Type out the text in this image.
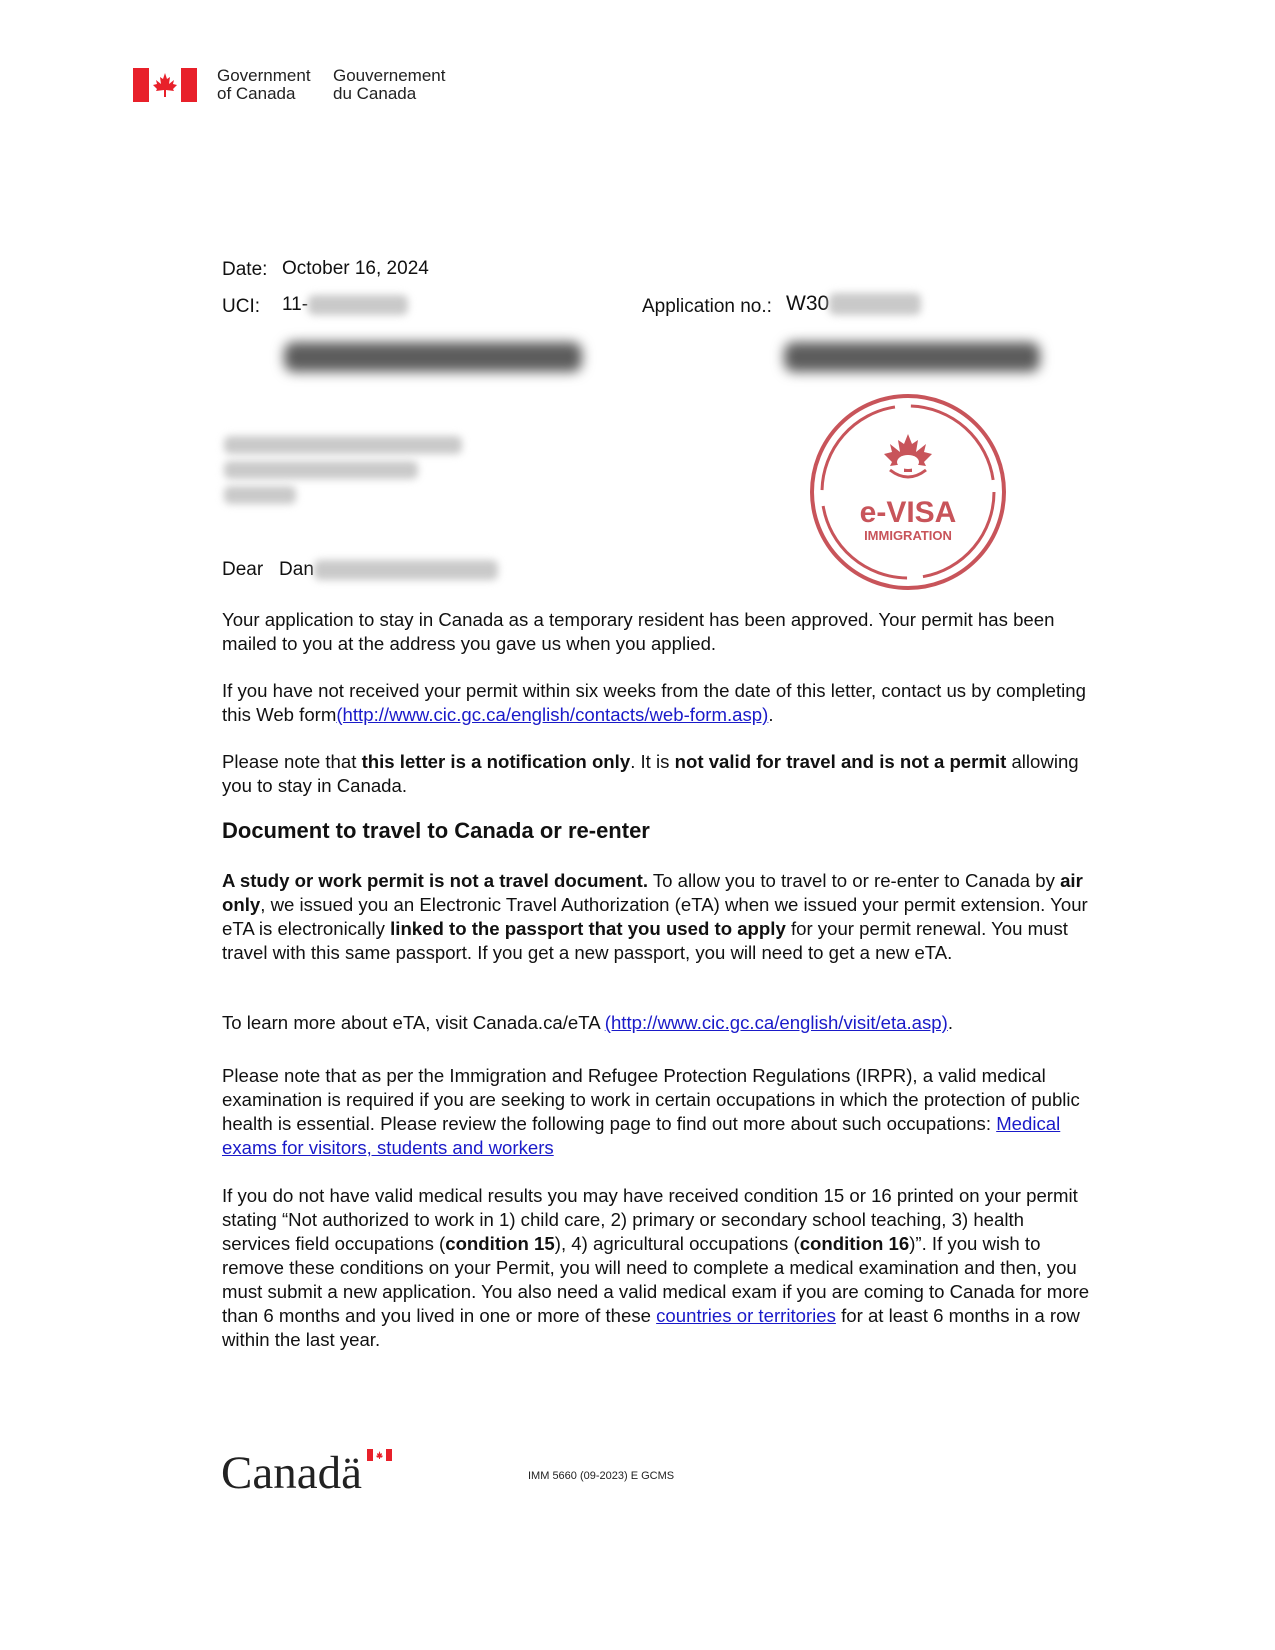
Government
of Canada
Gouvernement
du Canada
Date: October 16, 2024
UCI: 11-	Application no.: W30
e-VISA
IMMIGRATION
Dear Dan
Your application to stay in Canada as a temporary resident has been approved. Your permit has been mailed to you at the address you gave us when you applied.
If you have not received your permit within six weeks from the date of this letter, contact us by completing this Web form(http://www.cic.gc.ca/english/contacts/web-form.asp).
Please note that this letter is a notification only. It is not valid for travel and is not a permit allowing you to stay in Canada.
Document to travel to Canada or re-enter
A study or work permit is not a travel document. To allow you to travel to or re-enter to Canada by air only, we issued you an Electronic Travel Authorization (eTA) when we issued your permit extension. Your eTA is electronically linked to the passport that you used to apply for your permit renewal. You must travel with this same passport. If you get a new passport, you will need to get a new eTA.
To learn more about eTA, visit Canada.ca/eTA (http://www.cic.gc.ca/english/visit/eta.asp).
Please note that as per the Immigration and Refugee Protection Regulations (IRPR), a valid medical examination is required if you are seeking to work in certain occupations in which the protection of public health is essential. Please review the following page to find out more about such occupations: Medical exams for visitors, students and workers
If you do not have valid medical results you may have received condition 15 or 16 printed on your permit stating “Not authorized to work in 1) child care, 2) primary or secondary school teaching, 3) health services field occupations (condition 15), 4) agricultural occupations (condition 16)”. If you wish to remove these conditions on your Permit, you will need to complete a medical examination and then, you must submit a new application. You also need a valid medical exam if you are coming to Canada for more than 6 months and you lived in one or more of these countries or territories for at least 6 months in a row within the last year.
Canadä	IMM 5660 (09-2023) E GCMS
